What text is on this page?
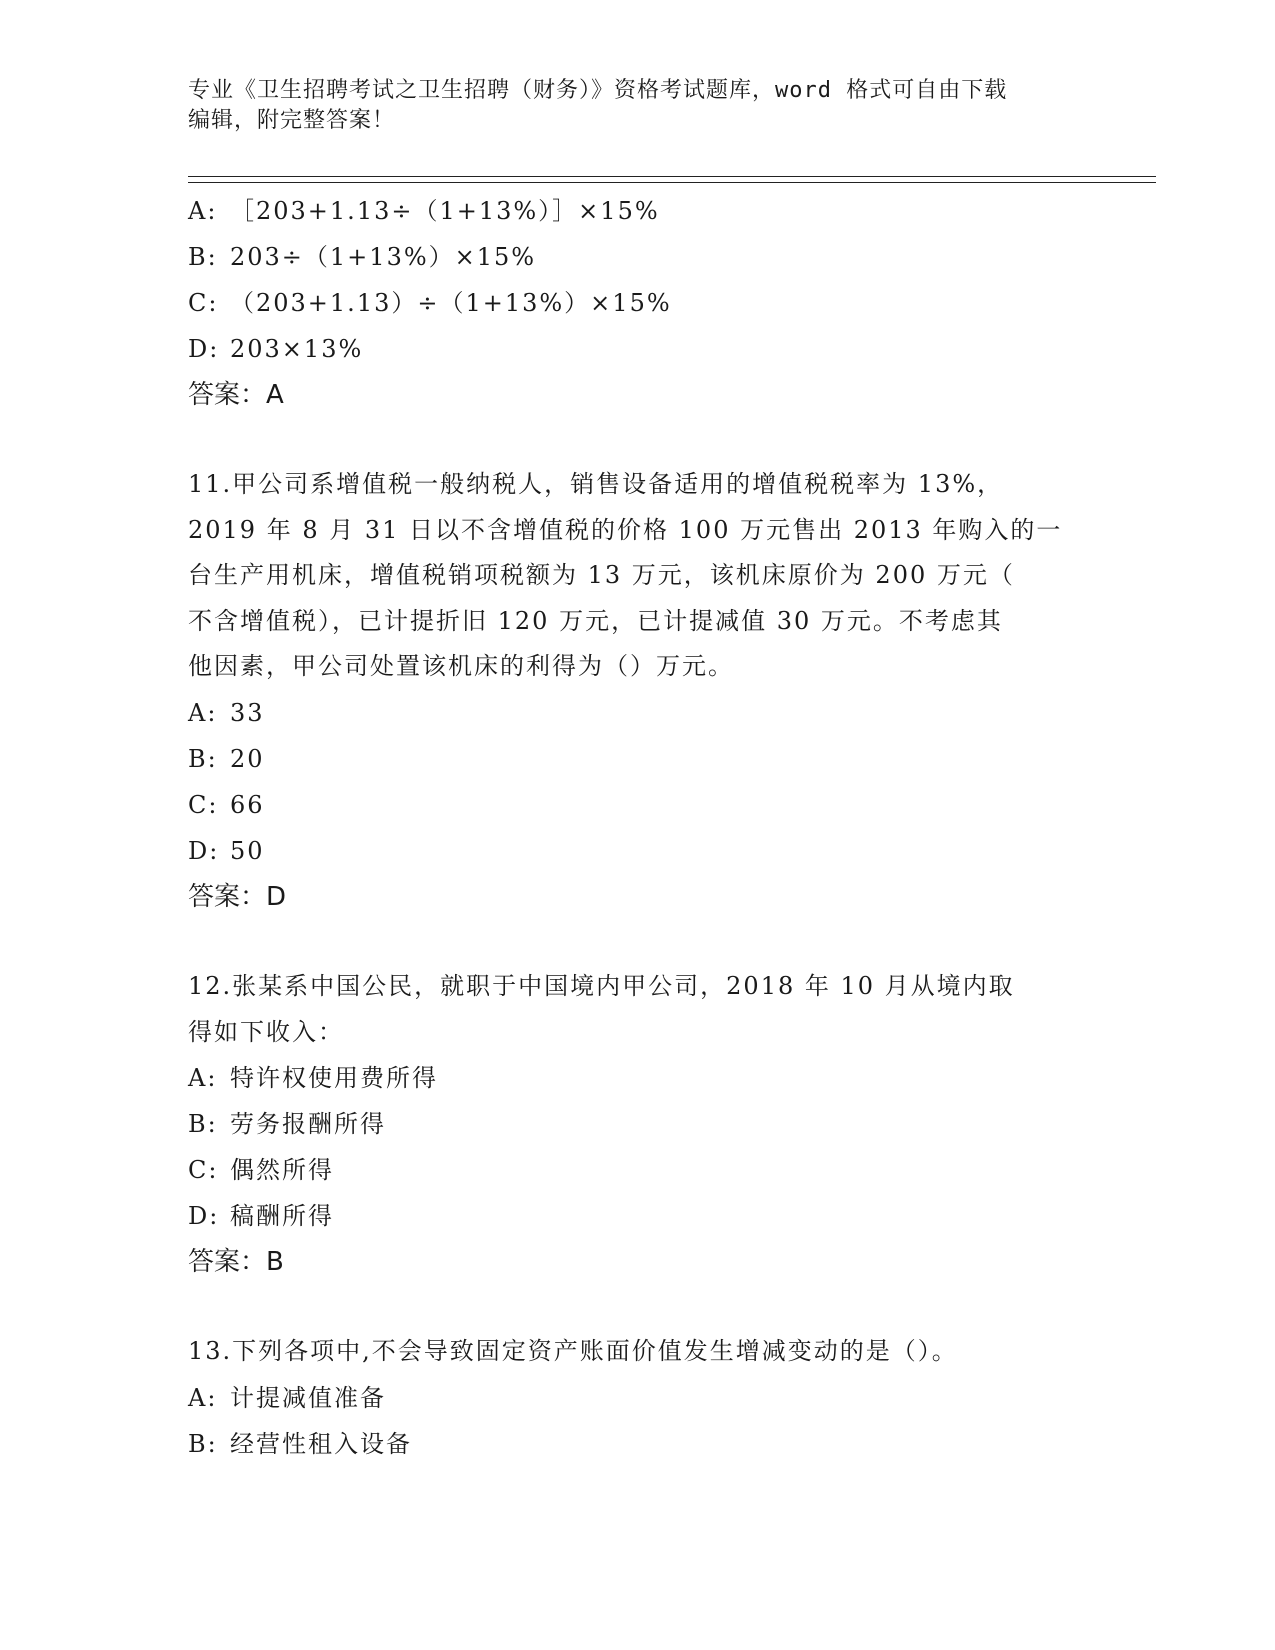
专业《卫生招聘考试之卫生招聘（财务）》资格考试题库，word 格式可自由下载
编辑，附完整答案！
A: ［203+1.13÷（1+13%）］×15%
B: 203÷（1+13%）×15%
C: （203+1.13）÷（1+13%）×15%
D: 203×13%
答案：A
11.甲公司系增值税一般纳税人，销售设备适用的增值税税率为 13%，
2019 年 8 月 31 日以不含增值税的价格 100 万元售出 2013 年购入的一
台生产用机床，增值税销项税额为 13 万元，该机床原价为 200 万元（
不含增值税），已计提折旧 120 万元，已计提减值 30 万元。不考虑其
他因素，甲公司处置该机床的利得为（）万元。
A: 33
B: 20
C: 66
D: 50
答案：D
12.张某系中国公民，就职于中国境内甲公司，2018 年 10 月从境内取
得如下收入：
A: 特许权使用费所得
B: 劳务报酬所得
C: 偶然所得
D: 稿酬所得
答案：B
13.下列各项中,不会导致固定资产账面价值发生增减变动的是（）。
A: 计提减值准备
B: 经营性租入设备
